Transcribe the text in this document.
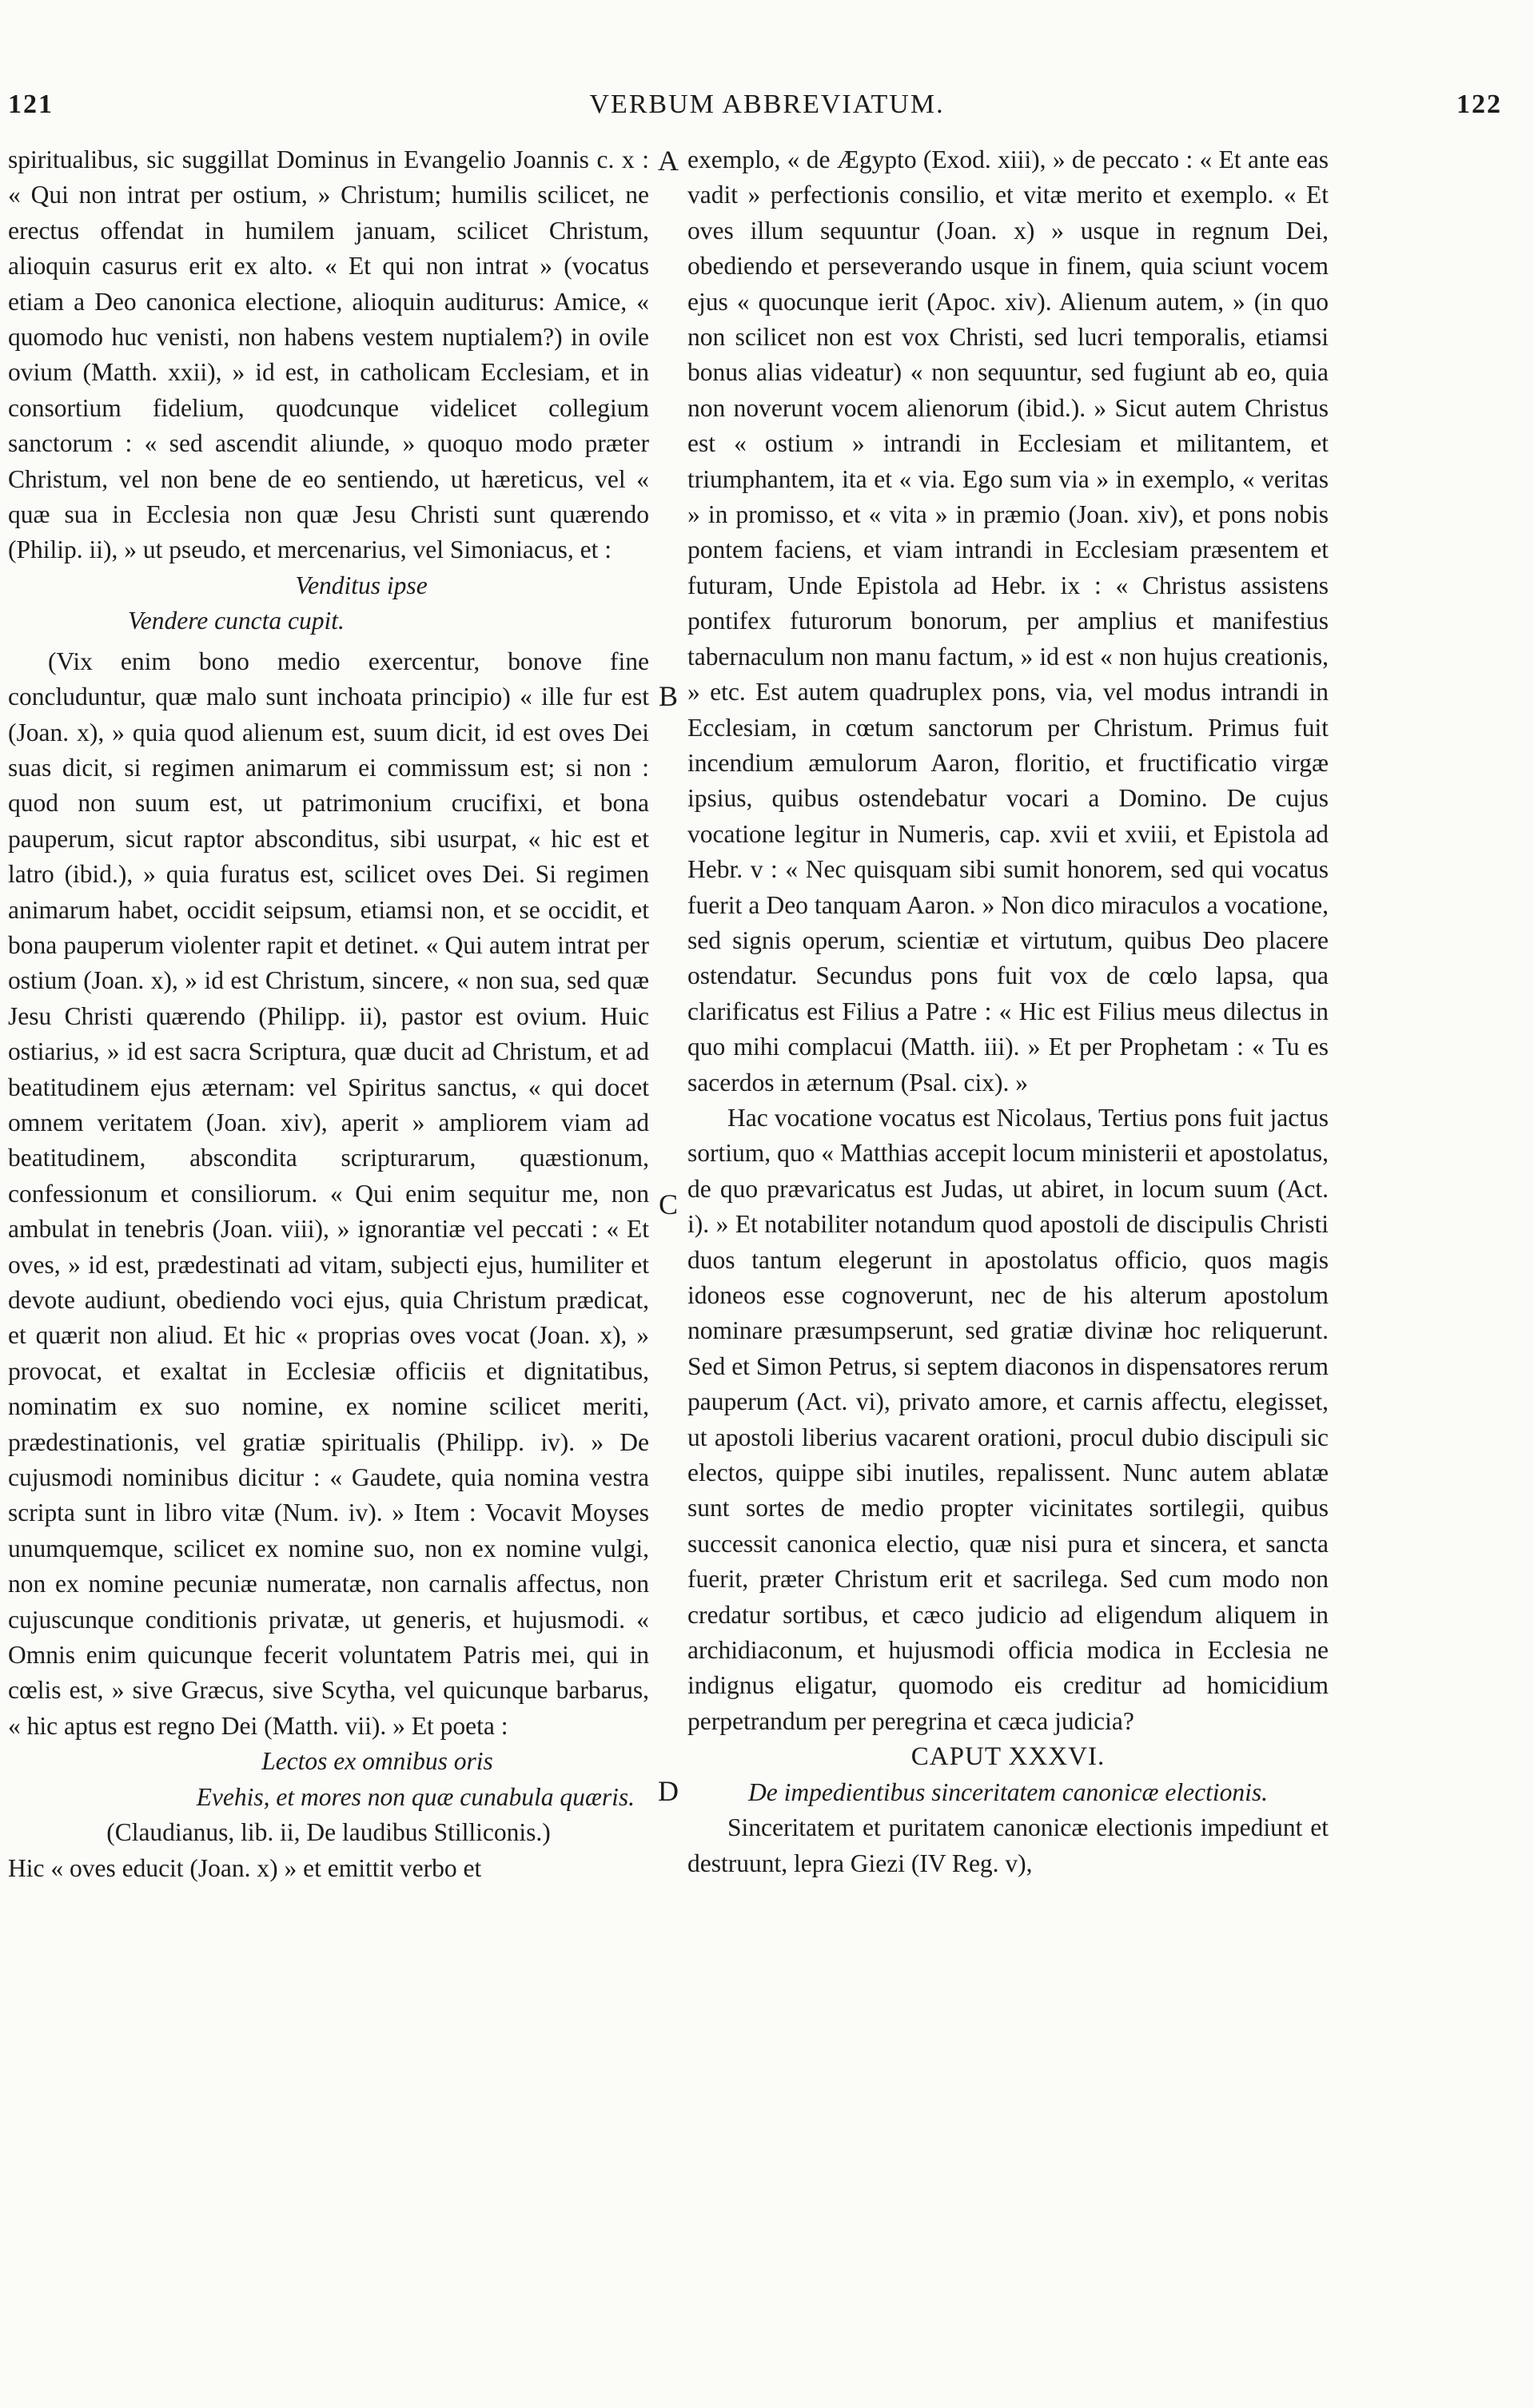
121	VERBUM ABBREVIATUM.	122
A
B
C
D

spiritualibus, sic suggillat Dominus in Evangelio Joannis c. x : « Qui non intrat per ostium, » Christum; humilis scilicet, ne erectus offendat in humilem januam, scilicet Christum, alioquin casurus erit ex alto. « Et qui non intrat » (vocatus etiam a Deo canonica electione, alioquin auditurus: Amice, « quomodo huc venisti, non habens vestem nuptialem?) in ovile ovium (Matth. xxii), » id est, in catholicam Ecclesiam, et in consortium fidelium, quodcunque videlicet collegium sanctorum : « sed ascendit aliunde, » quoquo modo præter Christum, vel non bene de eo sentiendo, ut hæreticus, vel « quæ sua in Ecclesia non quæ Jesu Christi sunt quærendo (Philip. ii), » ut pseudo, et mercenarius, vel Simoniacus, et :

Venditus ipse

Vendere cuncta cupit.

(Vix enim bono medio exercentur, bonove fine concluduntur, quæ malo sunt inchoata principio) « ille fur est (Joan. x), » quia quod alienum est, suum dicit, id est oves Dei suas dicit, si regimen animarum ei commissum est; si non : quod non suum est, ut patrimonium crucifixi, et bona pauperum, sicut raptor absconditus, sibi usurpat, « hic est et latro (ibid.), » quia furatus est, scilicet oves Dei. Si regimen animarum habet, occidit seipsum, etiamsi non, et se occidit, et bona pauperum violenter rapit et detinet. « Qui autem intrat per ostium (Joan. x), » id est Christum, sincere, « non sua, sed quæ Jesu Christi quærendo (Philipp. ii), pastor est ovium. Huic ostiarius, » id est sacra Scriptura, quæ ducit ad Christum, et ad beatitudinem ejus æternam: vel Spiritus sanctus, « qui docet omnem veritatem (Joan. xiv), aperit » ampliorem viam ad beatitudinem, abscondita scripturarum, quæstionum, confessionum et consiliorum. « Qui enim sequitur me, non ambulat in tenebris (Joan. viii), » ignorantiæ vel peccati : « Et oves, » id est, prædestinati ad vitam, subjecti ejus, humiliter et devote audiunt, obediendo voci ejus, quia Christum prædicat, et quærit non aliud. Et hic « proprias oves vocat (Joan. x), » provocat, et exaltat in Ecclesiæ officiis et dignitatibus, nominatim ex suo nomine, ex nomine scilicet meriti, prædestinationis, vel gratiæ spiritualis (Philipp. iv). » De cujusmodi nominibus dicitur : « Gaudete, quia nomina vestra scripta sunt in libro vitæ (Num. iv). » Item : Vocavit Moyses unumquemque, scilicet ex nomine suo, non ex nomine vulgi, non ex nomine pecuniæ numeratæ, non carnalis affectus, non cujuscunque conditionis privatæ, ut generis, et hujusmodi. « Omnis enim quicunque fecerit voluntatem Patris mei, qui in cœlis est, » sive Græcus, sive Scytha, vel quicunque barbarus, « hic aptus est regno Dei (Matth. vii). » Et poeta :

Lectos ex omnibus oris

Evehis, et mores non quæ cunabula quæris.

(Claudianus, lib. ii, De laudibus Stilliconis.)

Hic « oves educit (Joan. x) » et emittit verbo et

exemplo, « de Ægypto (Exod. xiii), » de peccato : « Et ante eas vadit » perfectionis consilio, et vitæ merito et exemplo. « Et oves illum sequuntur (Joan. x) » usque in regnum Dei, obediendo et perseverando usque in finem, quia sciunt vocem ejus « quocunque ierit (Apoc. xiv). Alienum autem, » (in quo non scilicet non est vox Christi, sed lucri temporalis, etiamsi bonus alias videatur) « non sequuntur, sed fugiunt ab eo, quia non noverunt vocem alienorum (ibid.). » Sicut autem Christus est « ostium » intrandi in Ecclesiam et militantem, et triumphantem, ita et « via. Ego sum via » in exemplo, « veritas » in promisso, et « vita » in præmio (Joan. xiv), et pons nobis pontem faciens, et viam intrandi in Ecclesiam præsentem et futuram, Unde Epistola ad Hebr. ix : « Christus assistens pontifex futurorum bonorum, per amplius et manifestius tabernaculum non manu factum, » id est « non hujus creationis, » etc. Est autem quadruplex pons, via, vel modus intrandi in Ecclesiam, in cœtum sanctorum per Christum. Primus fuit incendium æmulorum Aaron, floritio, et fructificatio virgæ ipsius, quibus ostendebatur vocari a Domino. De cujus vocatione legitur in Numeris, cap. xvii et xviii, et Epistola ad Hebr. v : « Nec quisquam sibi sumit honorem, sed qui vocatus fuerit a Deo tanquam Aaron. » Non dico miraculos a vocatione, sed signis operum, scientiæ et virtutum, quibus Deo placere ostendatur. Secundus pons fuit vox de cœlo lapsa, qua clarificatus est Filius a Patre : « Hic est Filius meus dilectus in quo mihi complacui (Matth. iii). » Et per Prophetam : « Tu es sacerdos in æternum (Psal. cix). »

Hac vocatione vocatus est Nicolaus, Tertius pons fuit jactus sortium, quo « Matthias accepit locum ministerii et apostolatus, de quo prævaricatus est Judas, ut abiret, in locum suum (Act. i). » Et notabiliter notandum quod apostoli de discipulis Christi duos tantum elegerunt in apostolatus officio, quos magis idoneos esse cognoverunt, nec de his alterum apostolum nominare præsumpserunt, sed gratiæ divinæ hoc reliquerunt. Sed et Simon Petrus, si septem diaconos in dispensatores rerum pauperum (Act. vi), privato amore, et carnis affectu, elegisset, ut apostoli liberius vacarent orationi, procul dubio discipuli sic electos, quippe sibi inutiles, repalissent. Nunc autem ablatæ sunt sortes de medio propter vicinitates sortilegii, quibus successit canonica electio, quæ nisi pura et sincera, et sancta fuerit, præter Christum erit et sacrilega. Sed cum modo non credatur sortibus, et cæco judicio ad eligendum aliquem in archidiaconum, et hujusmodi officia modica in Ecclesia ne indignus eligatur, quomodo eis creditur ad homicidium perpetrandum per peregrina et cæca judicia?

CAPUT XXXVI.

De impedientibus sinceritatem canonicæ electionis.

Sinceritatem et puritatem canonicæ electionis impediunt et destruunt, lepra Giezi (IV Reg. v),
